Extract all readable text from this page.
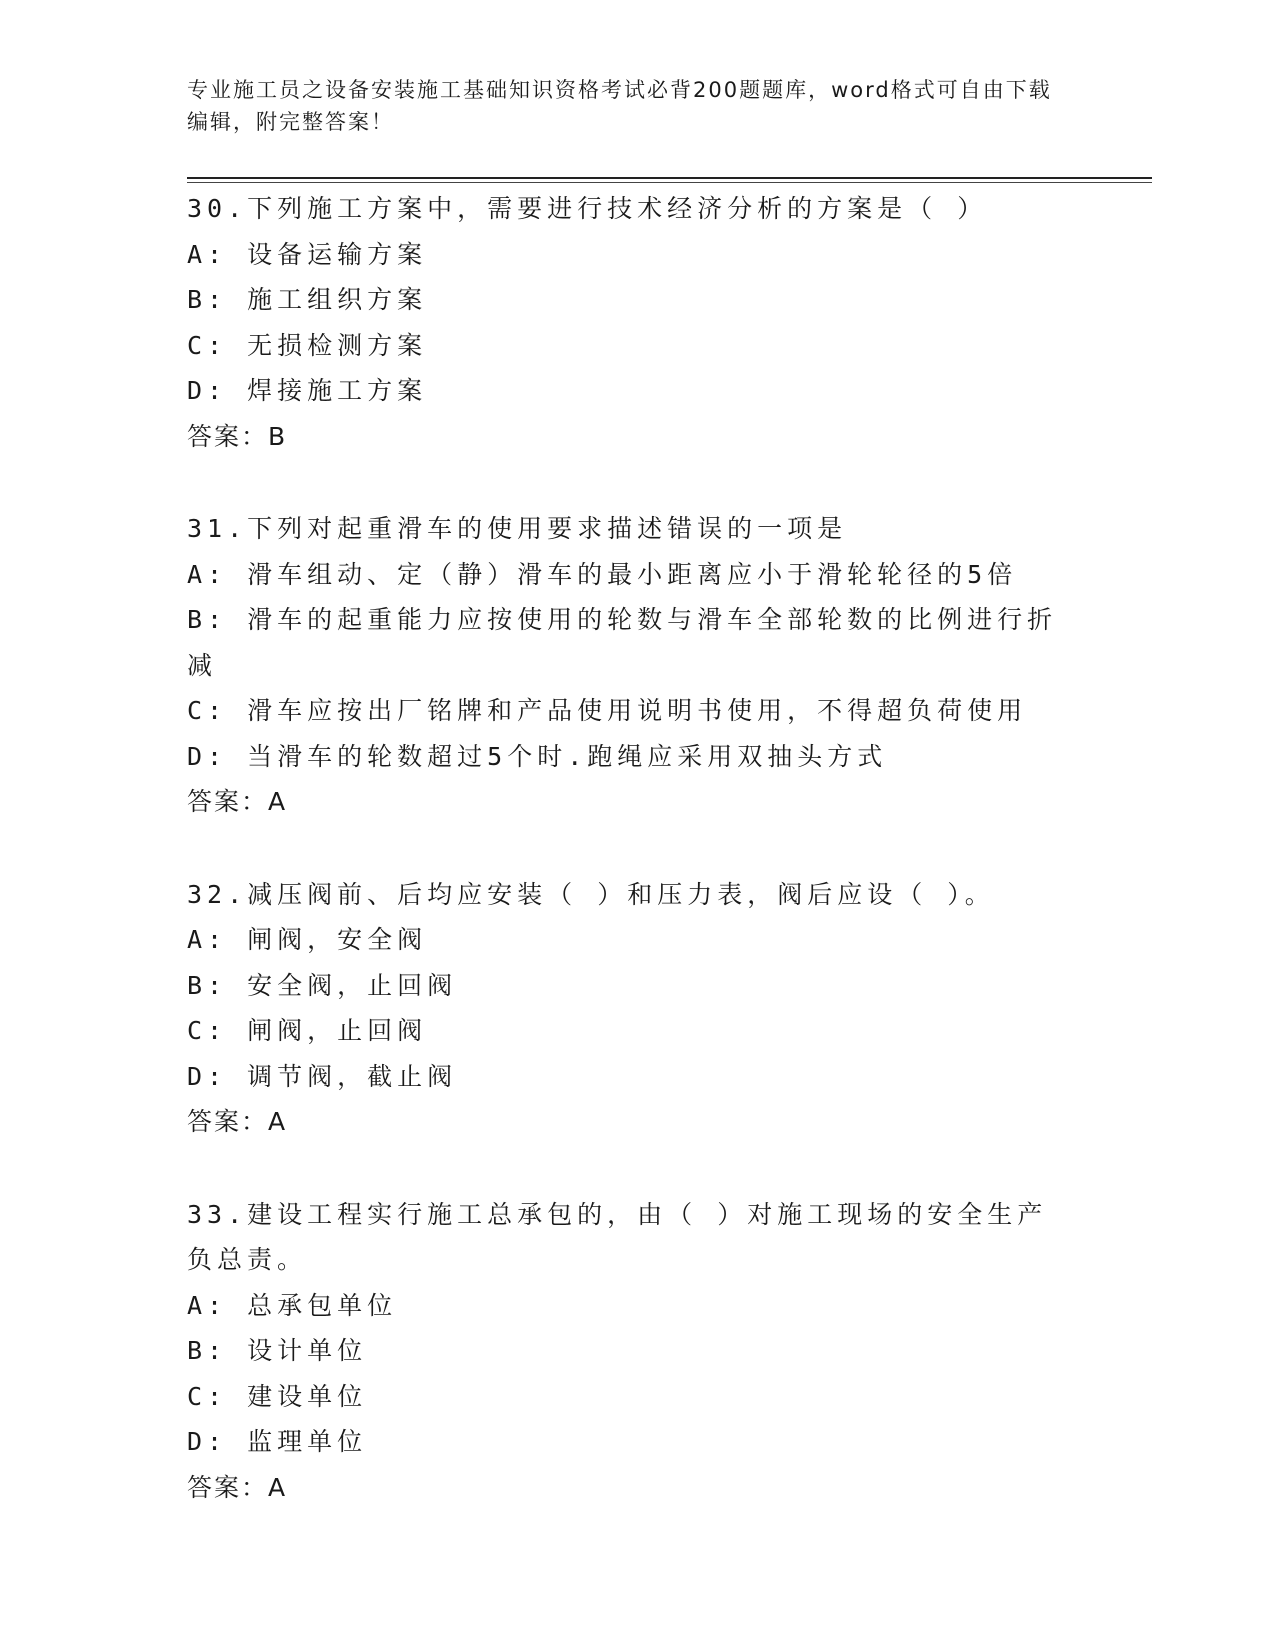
专业施工员之设备安装施工基础知识资格考试必背200题题库，word格式可自由下载编辑，附完整答案！
30.下列施工方案中，需要进行技术经济分析的方案是（ ）
A: 设备运输方案
B: 施工组织方案
C: 无损检测方案
D: 焊接施工方案
答案：B
31.下列对起重滑车的使用要求描述错误的一项是
A: 滑车组动、定（静）滑车的最小距离应小于滑轮轮径的5倍
B: 滑车的起重能力应按使用的轮数与滑车全部轮数的比例进行折减
C: 滑车应按出厂铭牌和产品使用说明书使用，不得超负荷使用
D: 当滑车的轮数超过5个时.跑绳应采用双抽头方式
答案：A
32.减压阀前、后均应安装（ ）和压力表，阀后应设（ ）。
A: 闸阀，安全阀
B: 安全阀，止回阀
C: 闸阀，止回阀
D: 调节阀，截止阀
答案：A
33.建设工程实行施工总承包的，由（ ）对施工现场的安全生产负总责。
A: 总承包单位
B: 设计单位
C: 建设单位
D: 监理单位
答案：A
